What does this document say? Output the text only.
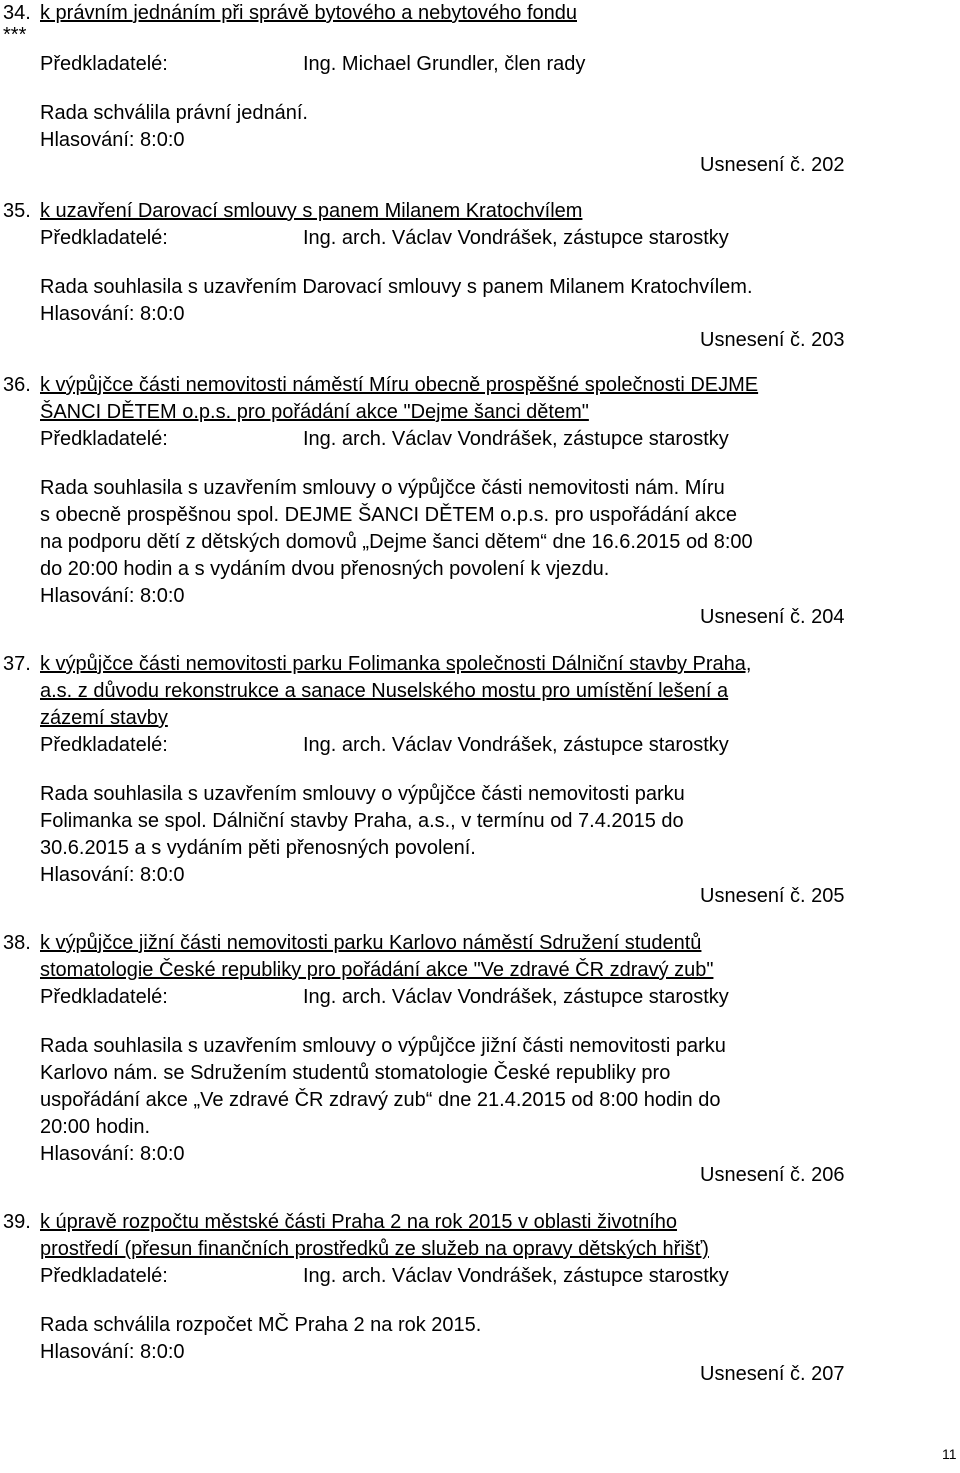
34. k právním jednáním při správě bytového a nebytového fondu
***
Předkladatelé:	Ing. Michael Grundler, člen rady
Rada schválila právní jednání.
Hlasování: 8:0:0
Usnesení č. 202
35. k uzavření Darovací smlouvy s panem Milanem Kratochvílem
Předkladatelé:	Ing. arch. Václav Vondrášek, zástupce starostky
Rada souhlasila s uzavřením Darovací smlouvy s panem Milanem Kratochvílem.
Hlasování: 8:0:0
Usnesení č. 203
36. k výpůjčce části nemovitosti náměstí Míru obecně prospěšné společnosti DEJME
ŠANCI DĚTEM o.p.s. pro pořádání akce "Dejme šanci dětem"
Předkladatelé:	Ing. arch. Václav Vondrášek, zástupce starostky
Rada souhlasila s uzavřením smlouvy o výpůjčce části nemovitosti nám. Míru
s obecně prospěšnou spol. DEJME ŠANCI DĚTEM o.p.s. pro uspořádání akce
na podporu dětí z dětských domovů „Dejme šanci dětem“ dne 16.6.2015 od 8:00
do 20:00 hodin a s vydáním dvou přenosných povolení k vjezdu.
Hlasování: 8:0:0
Usnesení č. 204
37. k výpůjčce části nemovitosti parku Folimanka společnosti Dálniční stavby Praha,
a.s. z důvodu rekonstrukce a sanace Nuselského mostu pro umístění lešení a
zázemí stavby
Předkladatelé:	Ing. arch. Václav Vondrášek, zástupce starostky
Rada souhlasila s uzavřením smlouvy o výpůjčce části nemovitosti parku
Folimanka se spol. Dálniční stavby Praha, a.s., v termínu od 7.4.2015 do
30.6.2015 a s vydáním pěti přenosných povolení.
Hlasování: 8:0:0
Usnesení č. 205
38. k výpůjčce jižní části nemovitosti parku Karlovo náměstí Sdružení studentů
stomatologie České republiky pro pořádání akce "Ve zdravé ČR zdravý zub"
Předkladatelé:	Ing. arch. Václav Vondrášek, zástupce starostky
Rada souhlasila s uzavřením smlouvy o výpůjčce jižní části nemovitosti parku
Karlovo nám. se Sdružením studentů stomatologie České republiky pro
uspořádání akce „Ve zdravé ČR zdravý zub“ dne 21.4.2015 od 8:00 hodin do
20:00 hodin.
Hlasování: 8:0:0
Usnesení č. 206
39. k úpravě rozpočtu městské části Praha 2 na rok 2015 v oblasti životního
prostředí (přesun finančních prostředků ze služeb na opravy dětských hřišť)
Předkladatelé:	Ing. arch. Václav Vondrášek, zástupce starostky
Rada schválila rozpočet MČ Praha 2 na rok 2015.
Hlasování: 8:0:0
Usnesení č. 207
11
